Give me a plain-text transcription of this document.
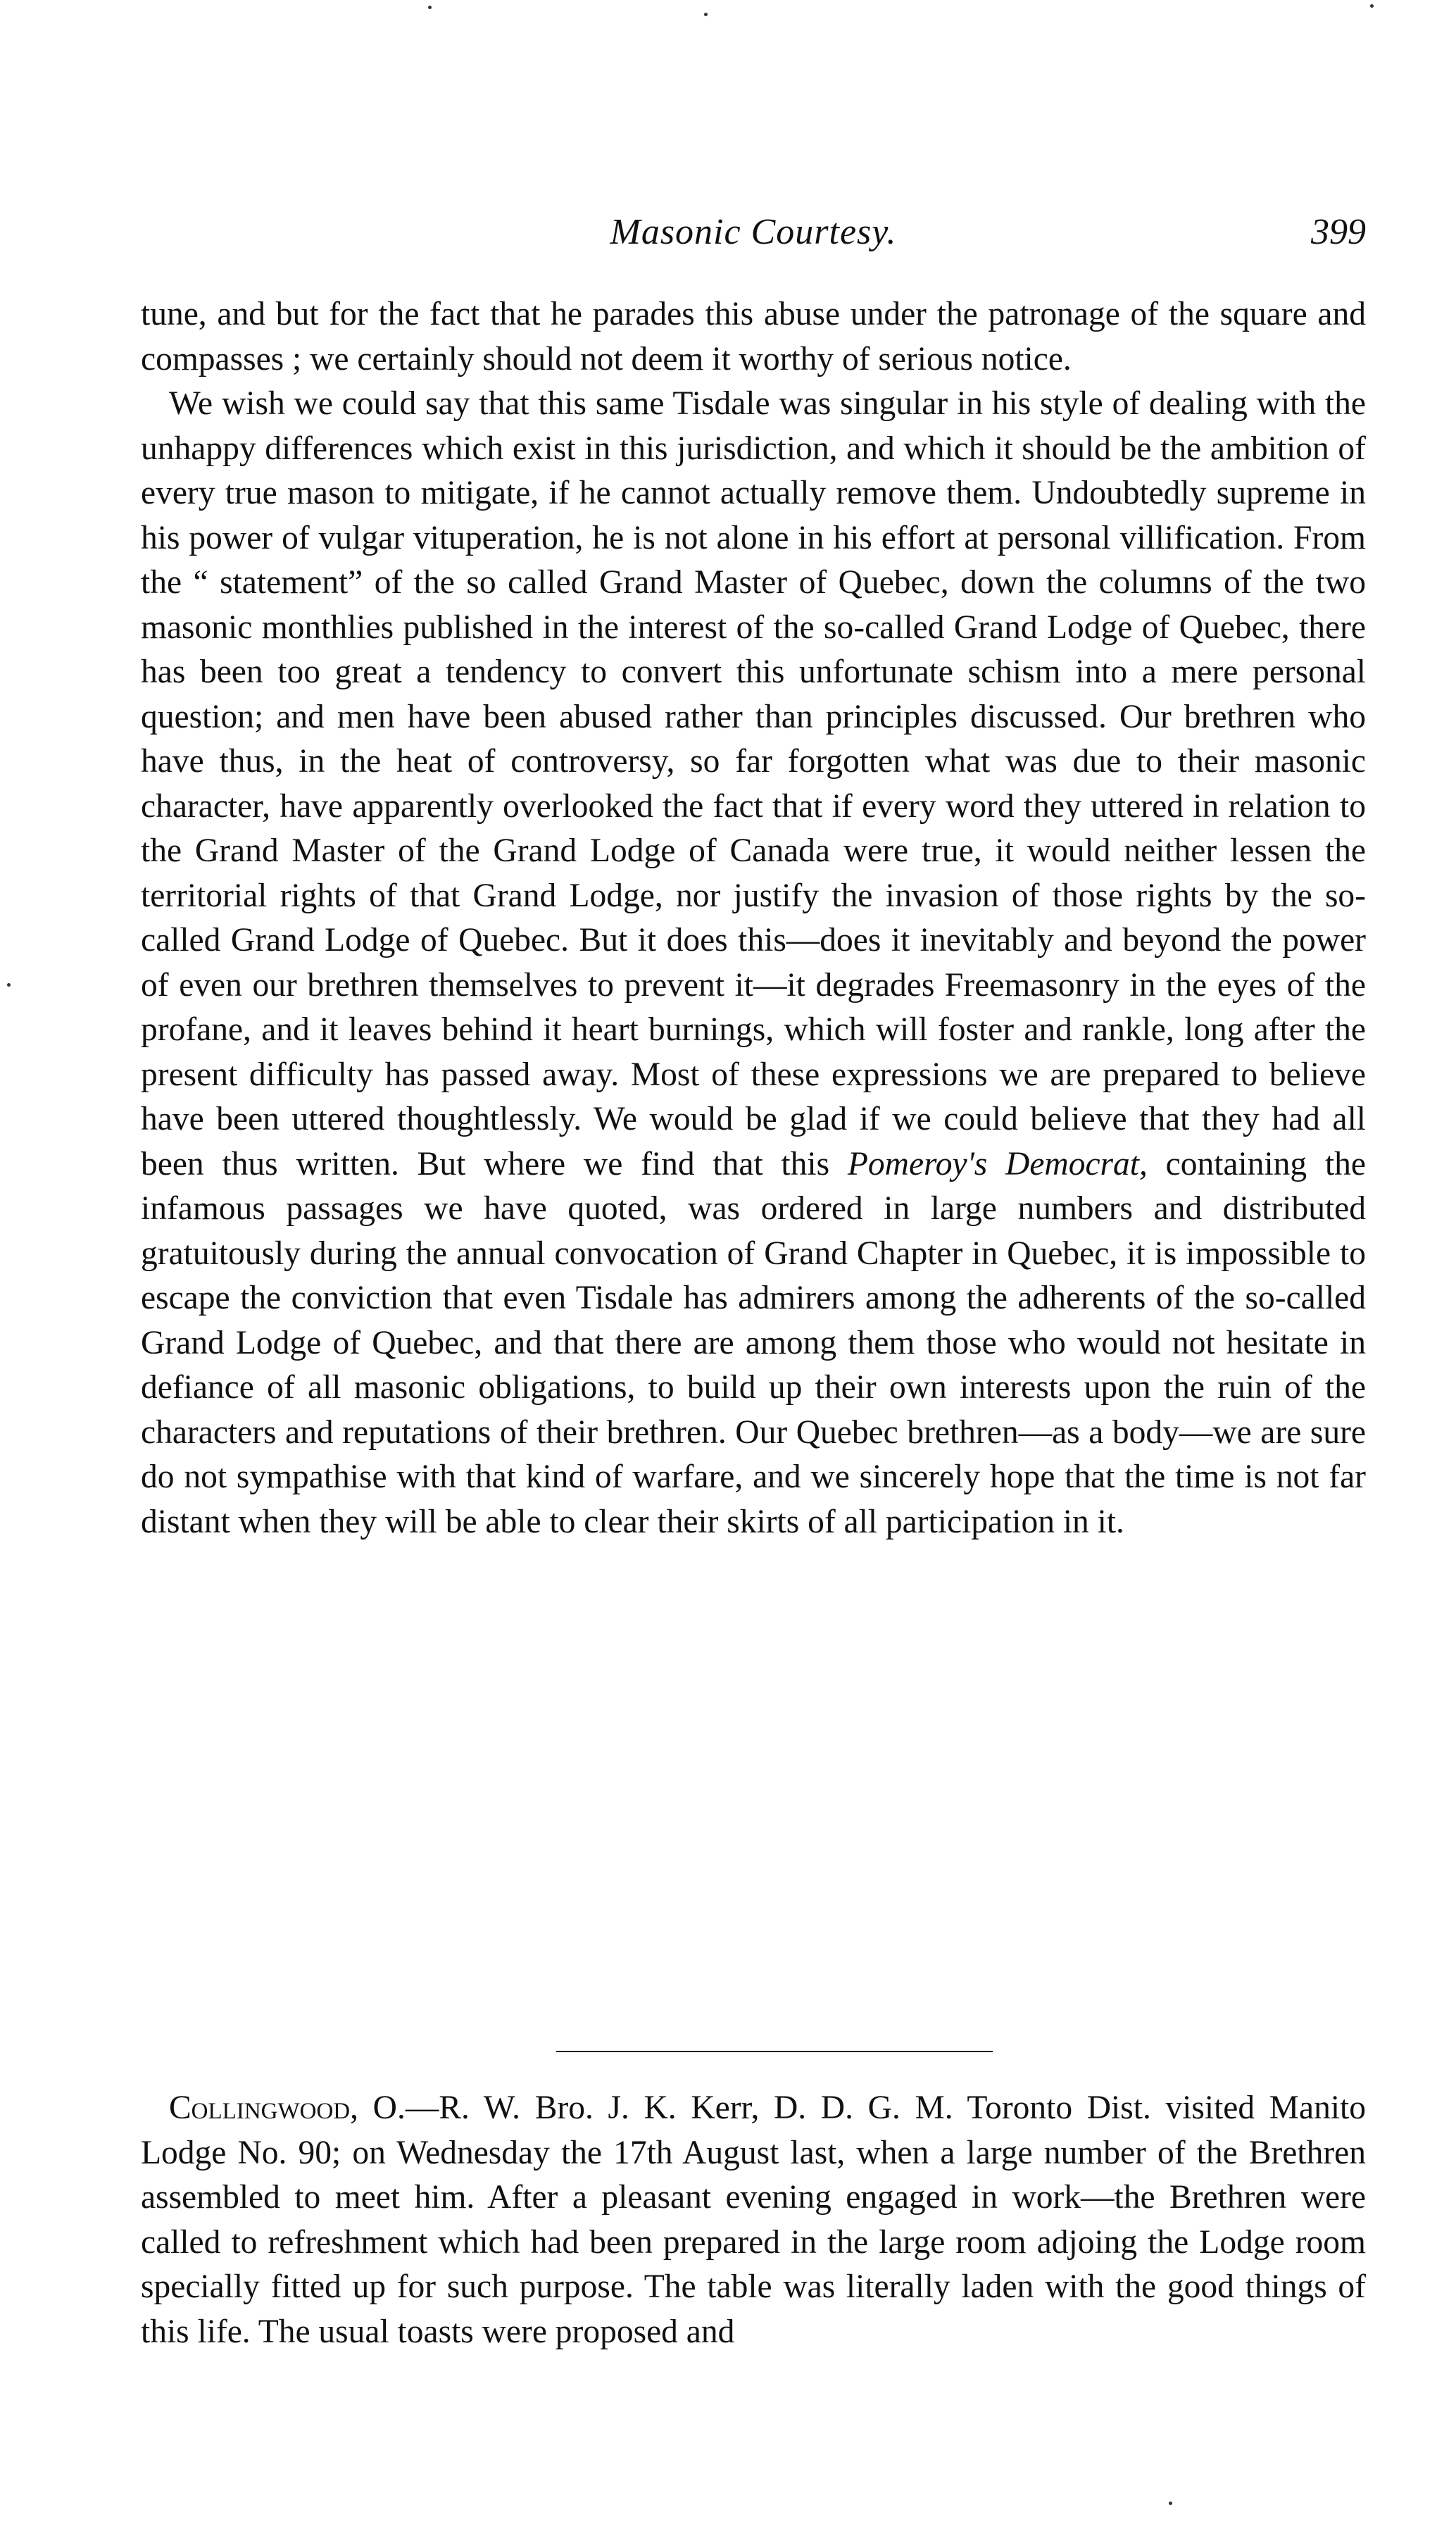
Masonic Courtesy.	399

tune, and but for the fact that he parades this abuse under the patronage of the square and compasses ; we certainly should not deem it worthy of serious notice.

We wish we could say that this same Tisdale was singular in his style of dealing with the unhappy differences which exist in this jurisdiction, and which it should be the ambition of every true mason to mitigate, if he cannot actually remove them. Undoubtedly supreme in his power of vulgar vituperation, he is not alone in his effort at personal villification. From the “ statement” of the so called Grand Master of Quebec, down the columns of the two masonic monthlies published in the interest of the so-called Grand Lodge of Quebec, there has been too great a tendency to convert this unfortunate schism into a mere personal question; and men have been abused rather than principles discussed. Our brethren who have thus, in the heat of controversy, so far forgotten what was due to their masonic character, have apparently overlooked the fact that if every word they uttered in relation to the Grand Master of the Grand Lodge of Canada were true, it would neither lessen the territorial rights of that Grand Lodge, nor justify the invasion of those rights by the so-called Grand Lodge of Quebec. But it does this—does it inevitably and beyond the power of even our brethren themselves to prevent it—it degrades Freemasonry in the eyes of the profane, and it leaves behind it heart burnings, which will foster and rankle, long after the present difficulty has passed away. Most of these expressions we are prepared to believe have been uttered thoughtlessly. We would be glad if we could believe that they had all been thus written. But where we find that this Pomeroy's Democrat, containing the infamous passages we have quoted, was ordered in large numbers and distributed gratuitously during the annual convocation of Grand Chapter in Quebec, it is impossible to escape the conviction that even Tisdale has admirers among the adherents of the so-called Grand Lodge of Quebec, and that there are among them those who would not hesitate in defiance of all masonic obligations, to build up their own interests upon the ruin of the characters and reputations of their brethren. Our Quebec brethren—as a body—we are sure do not sympathise with that kind of warfare, and we sincerely hope that the time is not far distant when they will be able to clear their skirts of all participation in it.

Collingwood, O.—R. W. Bro. J. K. Kerr, D. D. G. M. Toronto Dist. visited Manito Lodge No. 90; on Wednesday the 17th August last, when a large number of the Brethren assembled to meet him. After a pleasant evening engaged in work—the Brethren were called to refreshment which had been prepared in the large room adjoing the Lodge room specially fitted up for such purpose. The table was literally laden with the good things of this life. The usual toasts were proposed and
